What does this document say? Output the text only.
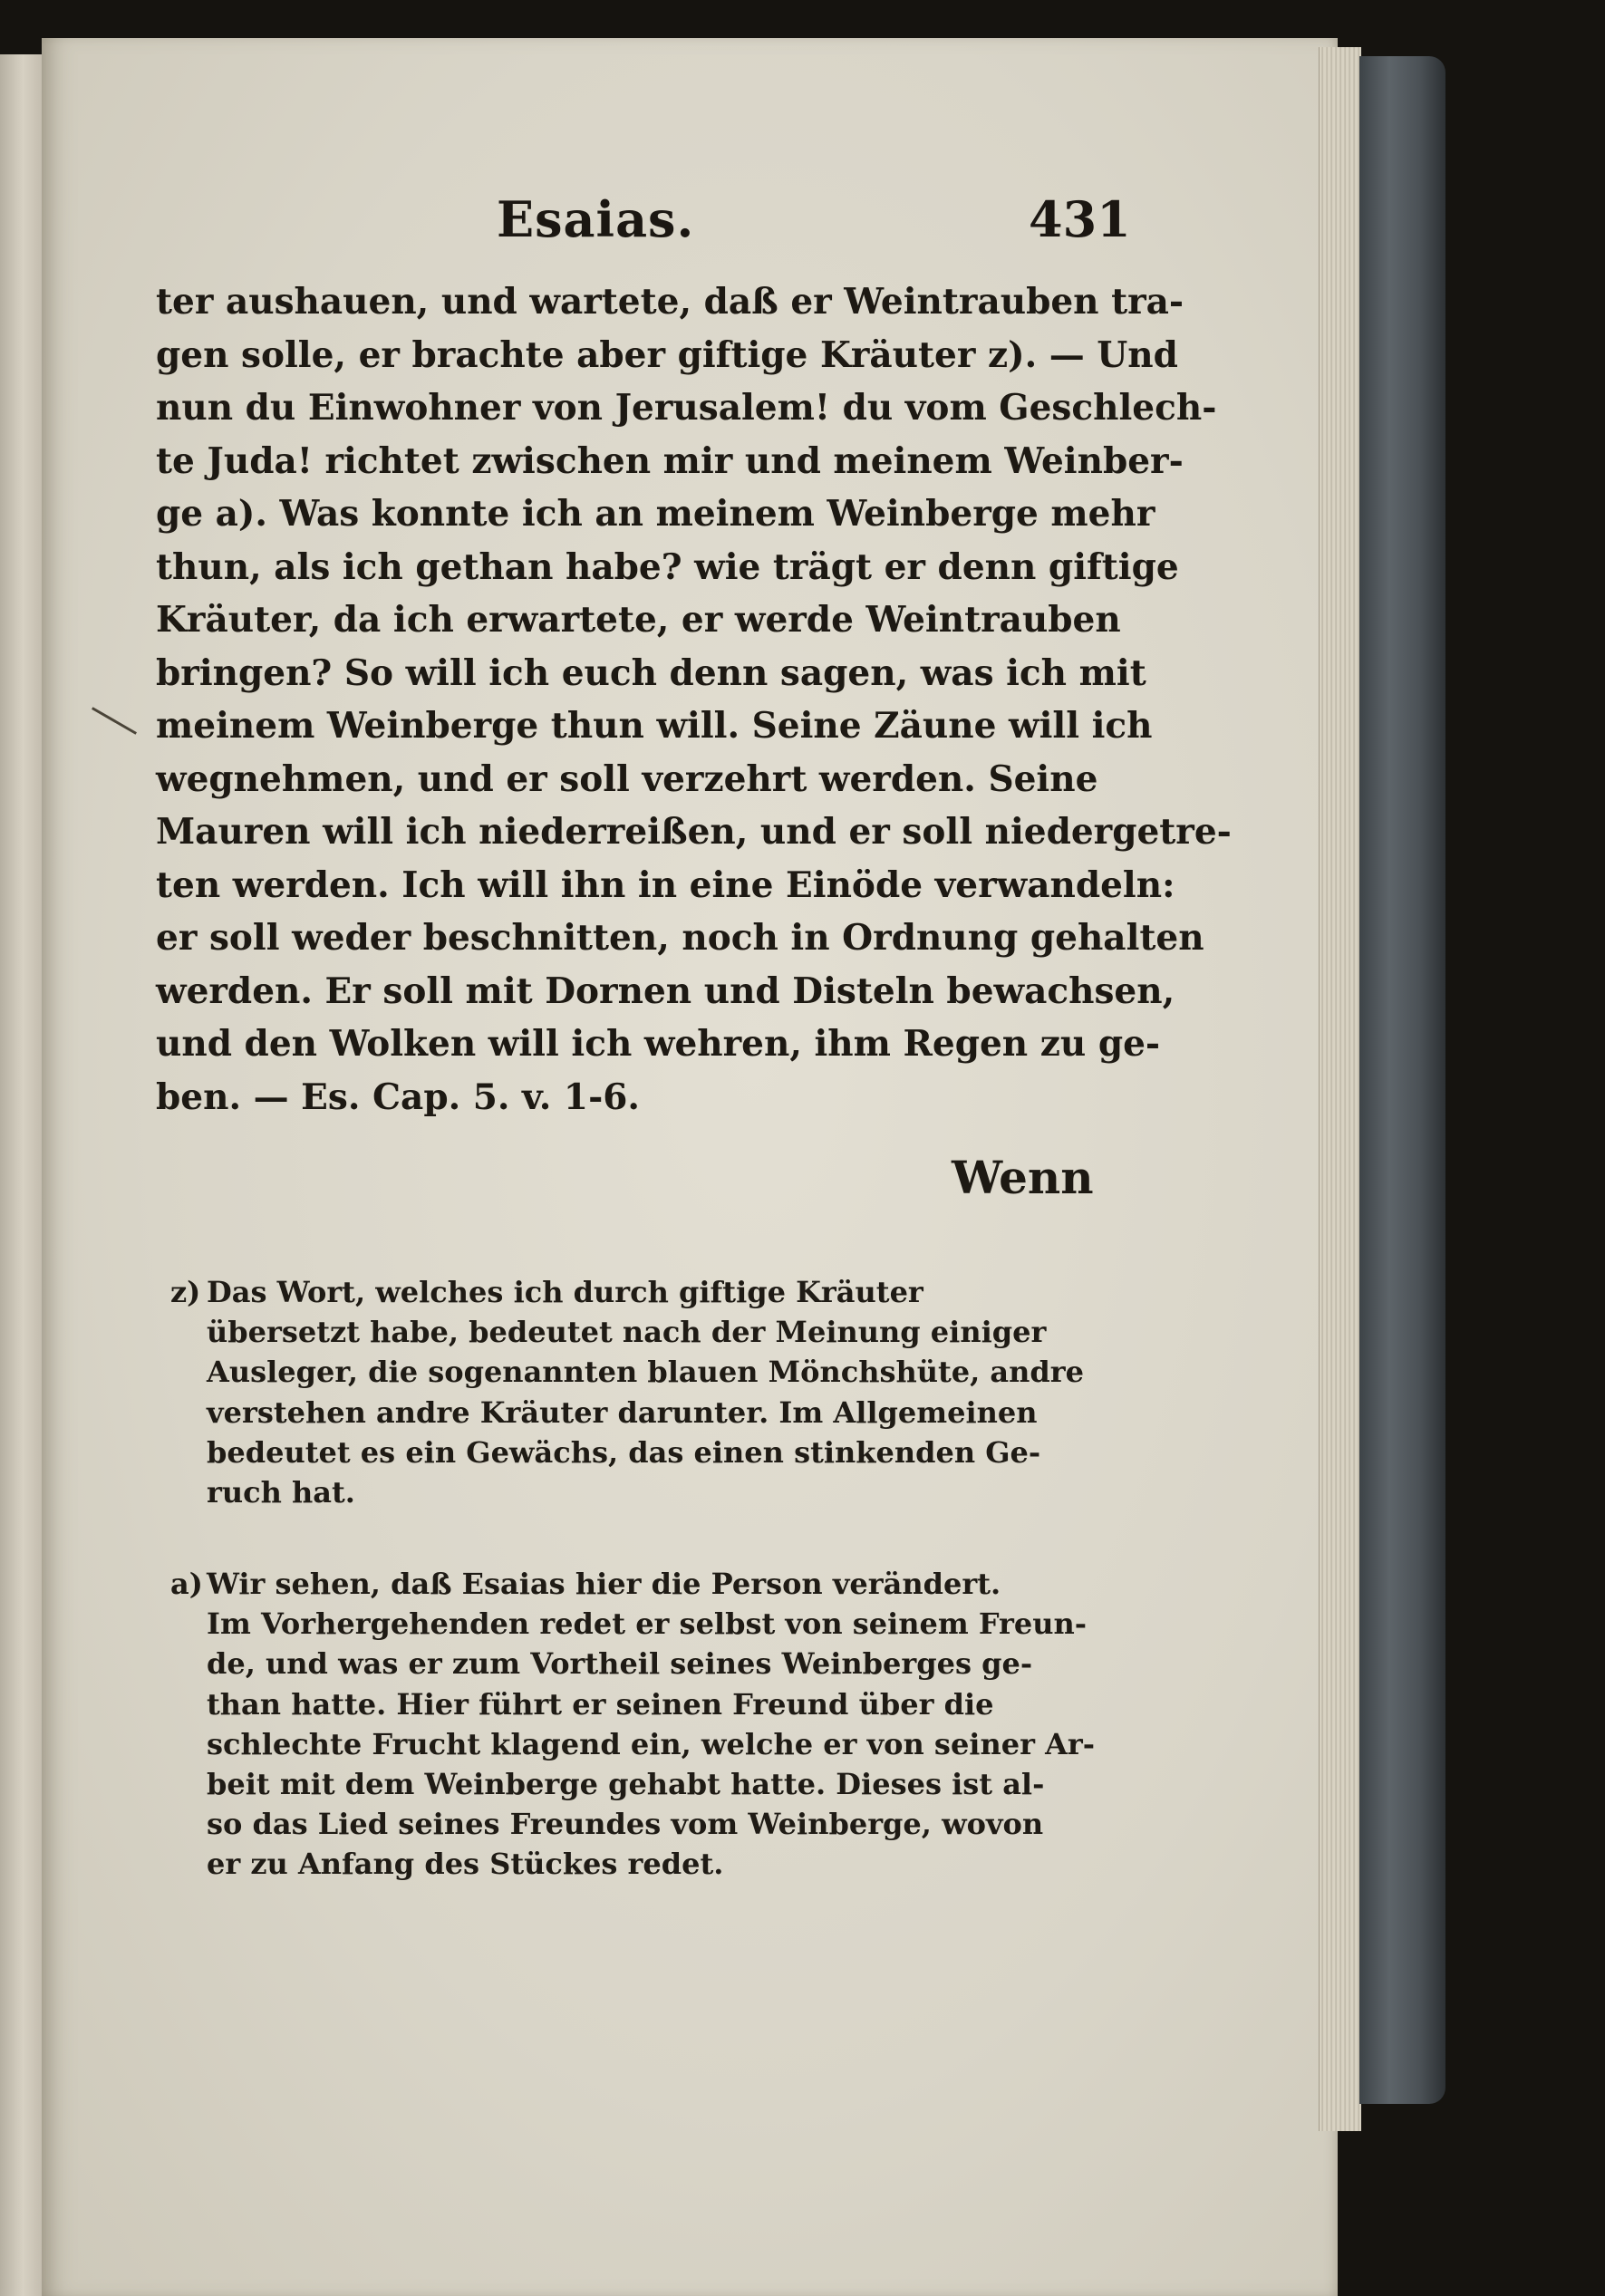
Esaias.	431
ter aushauen, und wartete, daß er Weintrauben tra-
gen solle, er brachte aber giftige Kräuter z). — Und
nun du Einwohner von Jerusalem! du vom Geschlech-
te Juda! richtet zwischen mir und meinem Weinber-
ge a). Was konnte ich an meinem Weinberge mehr
thun, als ich gethan habe? wie trägt er denn giftige
Kräuter, da ich erwartete, er werde Weintrauben
bringen? So will ich euch denn sagen, was ich mit
meinem Weinberge thun will. Seine Zäune will ich
wegnehmen, und er soll verzehrt werden. Seine
Mauren will ich niederreißen, und er soll niedergetre-
ten werden. Ich will ihn in eine Einöde verwandeln:
er soll weder beschnitten, noch in Ordnung gehalten
werden. Er soll mit Dornen und Disteln bewachsen,
und den Wolken will ich wehren, ihm Regen zu ge-
ben. — Es. Cap. 5. v. 1-6.
Wenn
z) Das Wort, welches ich durch giftige Kräuter
übersetzt habe, bedeutet nach der Meinung einiger
Ausleger, die sogenannten blauen Mönchshüte, andre
verstehen andre Kräuter darunter. Im Allgemeinen
bedeutet es ein Gewächs, das einen stinkenden Ge-
ruch hat.
a) Wir sehen, daß Esaias hier die Person verändert.
Im Vorhergehenden redet er selbst von seinem Freun-
de, und was er zum Vortheil seines Weinberges ge-
than hatte. Hier führt er seinen Freund über die
schlechte Frucht klagend ein, welche er von seiner Ar-
beit mit dem Weinberge gehabt hatte. Dieses ist al-
so das Lied seines Freundes vom Weinberge, wovon
er zu Anfang des Stückes redet.
